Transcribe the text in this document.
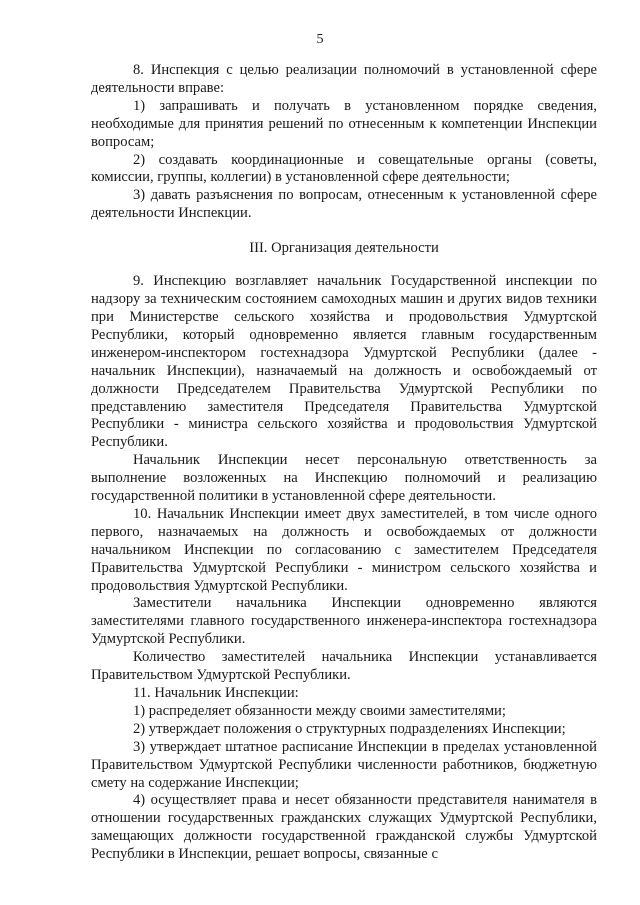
5

8. Инспекция с целью реализации полномочий в установленной сфере деятельности вправе:

1) запрашивать и получать в установленном порядке сведения, необходимые для принятия решений по отнесенным к компетенции Инспекции вопросам;

2) создавать координационные и совещательные органы (советы, комиссии, группы, коллегии) в установленной сфере деятельности;

3) давать разъяснения по вопросам, отнесенным к установленной сфере деятельности Инспекции.

III. Организация деятельности

9. Инспекцию возглавляет начальник Государственной инспекции по надзору за техническим состоянием самоходных машин и других видов техники при Министерстве сельского хозяйства и продовольствия Удмуртской Республики, который одновременно является главным государственным инженером-инспектором гостехнадзора Удмуртской Республики (далее - начальник Инспекции), назначаемый на должность и освобождаемый от должности Председателем Правительства Удмуртской Республики по представлению заместителя Председателя Правительства Удмуртской Республики - министра сельского хозяйства и продовольствия Удмуртской Республики.

Начальник Инспекции несет персональную ответственность за выполнение возложенных на Инспекцию полномочий и реализацию государственной политики в установленной сфере деятельности.

10. Начальник Инспекции имеет двух заместителей, в том числе одного первого, назначаемых на должность и освобождаемых от должности начальником Инспекции по согласованию с заместителем Председателя Правительства Удмуртской Республики - министром сельского хозяйства и продовольствия Удмуртской Республики.

Заместители начальника Инспекции одновременно являются заместителями главного государственного инженера-инспектора гостехнадзора Удмуртской Республики.

Количество заместителей начальника Инспекции устанавливается Правительством Удмуртской Республики.

11. Начальник Инспекции:

1) распределяет обязанности между своими заместителями;

2) утверждает положения о структурных подразделениях Инспекции;

3) утверждает штатное расписание Инспекции в пределах установленной Правительством Удмуртской Республики численности работников, бюджетную смету на содержание Инспекции;

4) осуществляет права и несет обязанности представителя нанимателя в отношении государственных гражданских служащих Удмуртской Республики, замещающих должности государственной гражданской службы Удмуртской Республики в Инспекции, решает вопросы, связанные с
